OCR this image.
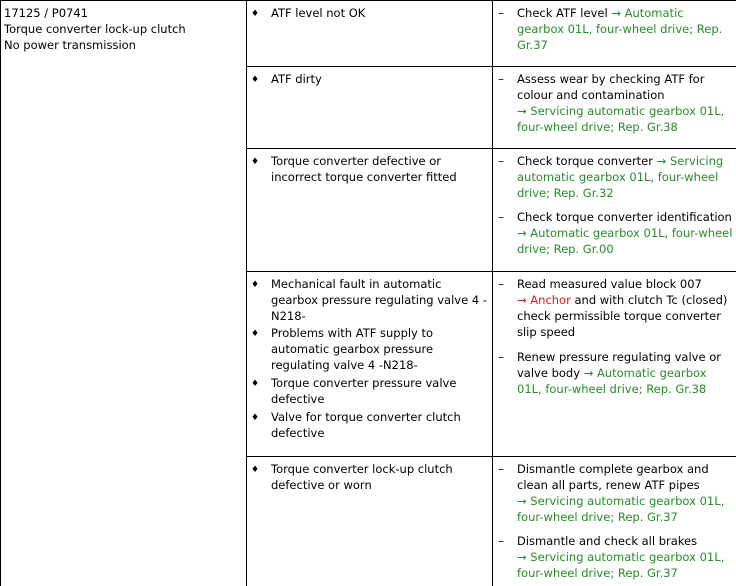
17125 / P0741
Torque converter lock-up clutch
No power transmission
♦ ATF level not OK	– Check ATF level → Automatic
gearbox 01L, four-wheel drive; Rep.
Gr.37
♦ ATF dirty	– Assess wear by checking ATF for
colour and contamination
→ Servicing automatic gearbox 01L,
four-wheel drive; Rep. Gr.38
♦ Torque converter defective or
incorrect torque converter fitted
– Check torque converter → Servicing
automatic gearbox 01L, four-wheel
drive; Rep. Gr.32
– Check torque converter identification
→ Automatic gearbox 01L, four-wheel
drive; Rep. Gr.00
♦ Mechanical fault in automatic
gearbox pressure regulating valve 4 -
N218-
♦ Problems with ATF supply to
automatic gearbox pressure
regulating valve 4 -N218-
♦ Torque converter pressure valve
defective
♦ Valve for torque converter clutch
defective
– Read measured value block 007
→ Anchor and with clutch Tc (closed)
check permissible torque converter
slip speed
– Renew pressure regulating valve or
valve body → Automatic gearbox
01L, four-wheel drive; Rep. Gr.38
♦ Torque converter lock-up clutch
defective or worn
– Dismantle complete gearbox and
clean all parts, renew ATF pipes
→ Servicing automatic gearbox 01L,
four-wheel drive; Rep. Gr.37
– Dismantle and check all brakes
→ Servicing automatic gearbox 01L,
four-wheel drive; Rep. Gr.37
